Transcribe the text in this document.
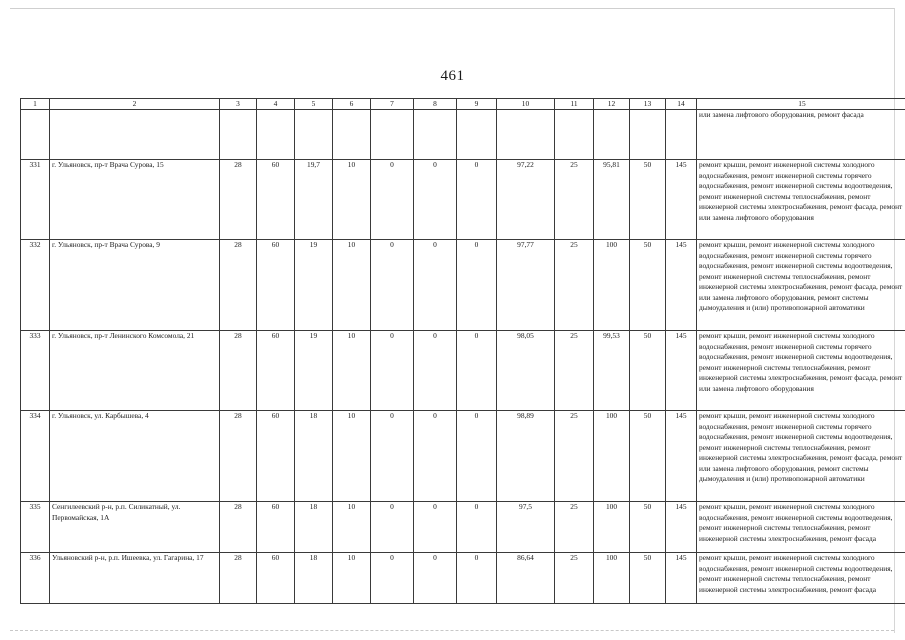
461
1	2	3	4	5	6	7	8	9	10	11	12	13	14	15
														или замена лифтового оборудования, ремонт фасада
331	г. Ульяновск, пр-т Врача Сурова, 15	28	60	19,7	10	0	0	0	97,22	25	95,81	50	145	ремонт крыши, ремонт инженерной системы холодного водоснабжения, ремонт инженерной системы горячего водоснабжения, ремонт инженерной системы водоотведения, ремонт инженерной системы теплоснабжения, ремонт инженерной системы электроснабжения, ремонт фасада, ремонт или замена лифтового оборудования
332	г. Ульяновск, пр-т Врача Сурова, 9	28	60	19	10	0	0	0	97,77	25	100	50	145	ремонт крыши, ремонт инженерной системы холодного водоснабжения, ремонт инженерной системы горячего водоснабжения, ремонт инженерной системы водоотведения, ремонт инженерной системы теплоснабжения, ремонт инженерной системы электроснабжения, ремонт фасада, ремонт или замена лифтового оборудования, ремонт системы дымоудаления и (или) противопожарной автоматики
333	г. Ульяновск, пр-т Ленинского Комсомола, 21	28	60	19	10	0	0	0	98,05	25	99,53	50	145	ремонт крыши, ремонт инженерной системы холодного водоснабжения, ремонт инженерной системы горячего водоснабжения, ремонт инженерной системы водоотведения, ремонт инженерной системы теплоснабжения, ремонт инженерной системы электроснабжения, ремонт фасада, ремонт или замена лифтового оборудования
334	г. Ульяновск, ул. Карбышева, 4	28	60	18	10	0	0	0	98,89	25	100	50	145	ремонт крыши, ремонт инженерной системы холодного водоснабжения, ремонт инженерной системы горячего водоснабжения, ремонт инженерной системы водоотведения, ремонт инженерной системы теплоснабжения, ремонт инженерной системы электроснабжения, ремонт фасада, ремонт или замена лифтового оборудования, ремонт системы дымоудаления и (или) противопожарной автоматики
335	Сенгилеевский р-н, р.п. Силикатный, ул. Первомайская, 1А	28	60	18	10	0	0	0	97,5	25	100	50	145	ремонт крыши, ремонт инженерной системы холодного водоснабжения, ремонт инженерной системы водоотведения, ремонт инженерной системы теплоснабжения, ремонт инженерной системы электроснабжения, ремонт фасада
336	Ульяновский р-н, р.п. Ишеевка, ул. Гагарина, 17	28	60	18	10	0	0	0	86,64	25	100	50	145	ремонт крыши, ремонт инженерной системы холодного водоснабжения, ремонт инженерной системы водоотведения, ремонт инженерной системы теплоснабжения, ремонт инженерной системы электроснабжения, ремонт фасада
